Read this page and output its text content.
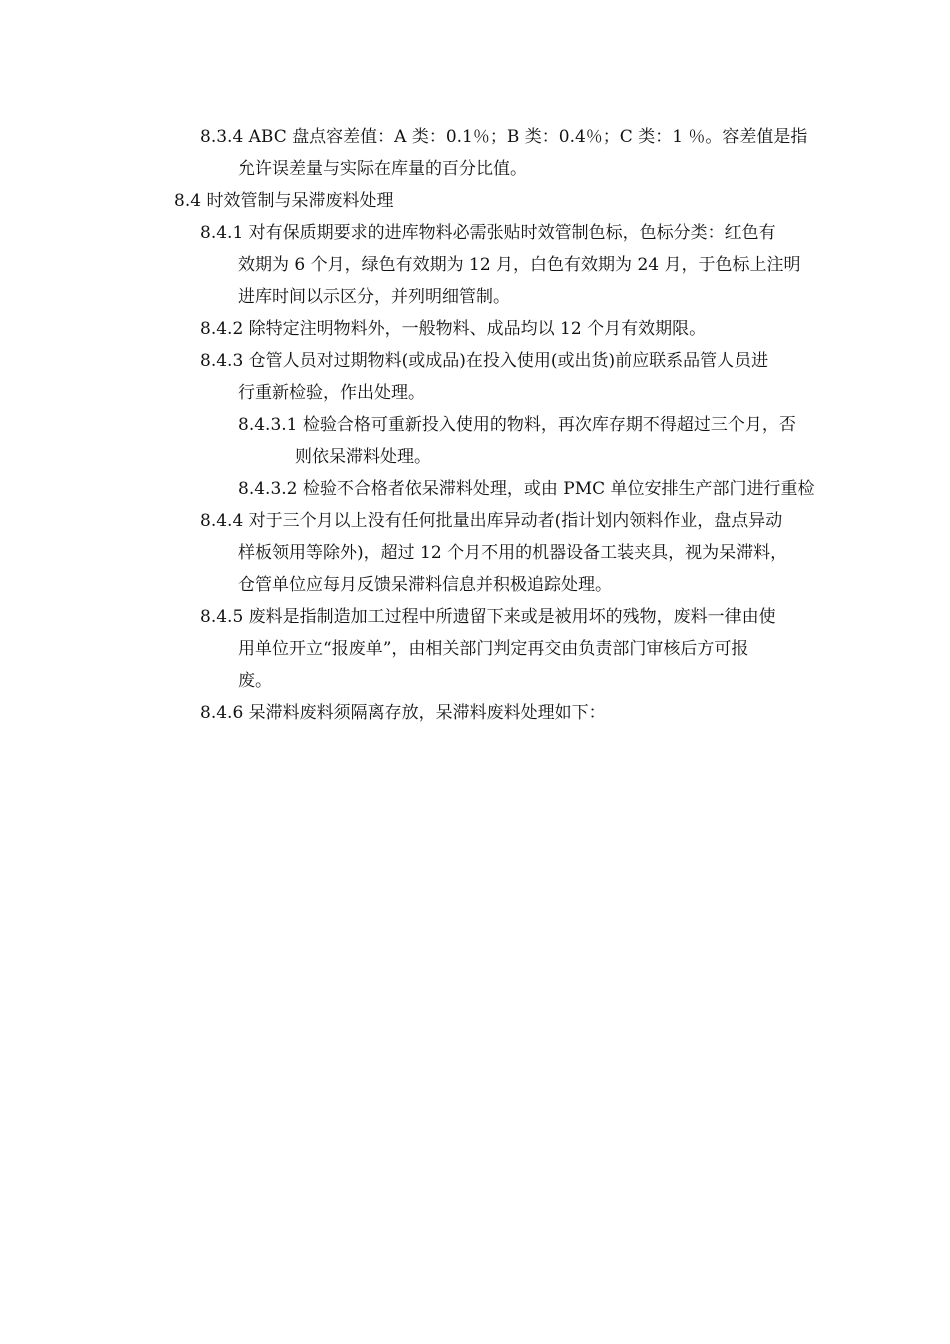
8.3.4 ABC 盘点容差值：A 类：0.1％；B 类：0.4％；C 类：1 ％。容差值是指
允许误差量与实际在库量的百分比值。
8.4 时效管制与呆滞废料处理
8.4.1 对有保质期要求的进库物料必需张贴时效管制色标，色标分类：红色有
效期为 6 个月，绿色有效期为 12 月，白色有效期为 24 月，于色标上注明
进库时间以示区分，并列明细管制。
8.4.2 除特定注明物料外，一般物料、成品均以 12 个月有效期限。
8.4.3 仓管人员对过期物料(或成品)在投入使用(或出货)前应联系品管人员进
行重新检验，作出处理。
8.4.3.1 检验合格可重新投入使用的物料，再次库存期不得超过三个月，否
则依呆滞料处理。
8.4.3.2 检验不合格者依呆滞料处理，或由 PMC 单位安排生产部门进行重检
8.4.4 对于三个月以上没有任何批量出库异动者(指计划内领料作业，盘点异动
样板领用等除外)，超过 12 个月不用的机器设备工装夹具，视为呆滞料，
仓管单位应每月反馈呆滞料信息并积极追踪处理。
8.4.5 废料是指制造加工过程中所遗留下来或是被用坏的残物，废料一律由使
用单位开立“报废单”，由相关部门判定再交由负责部门审核后方可报
废。
8.4.6 呆滞料废料须隔离存放，呆滞料废料处理如下：
